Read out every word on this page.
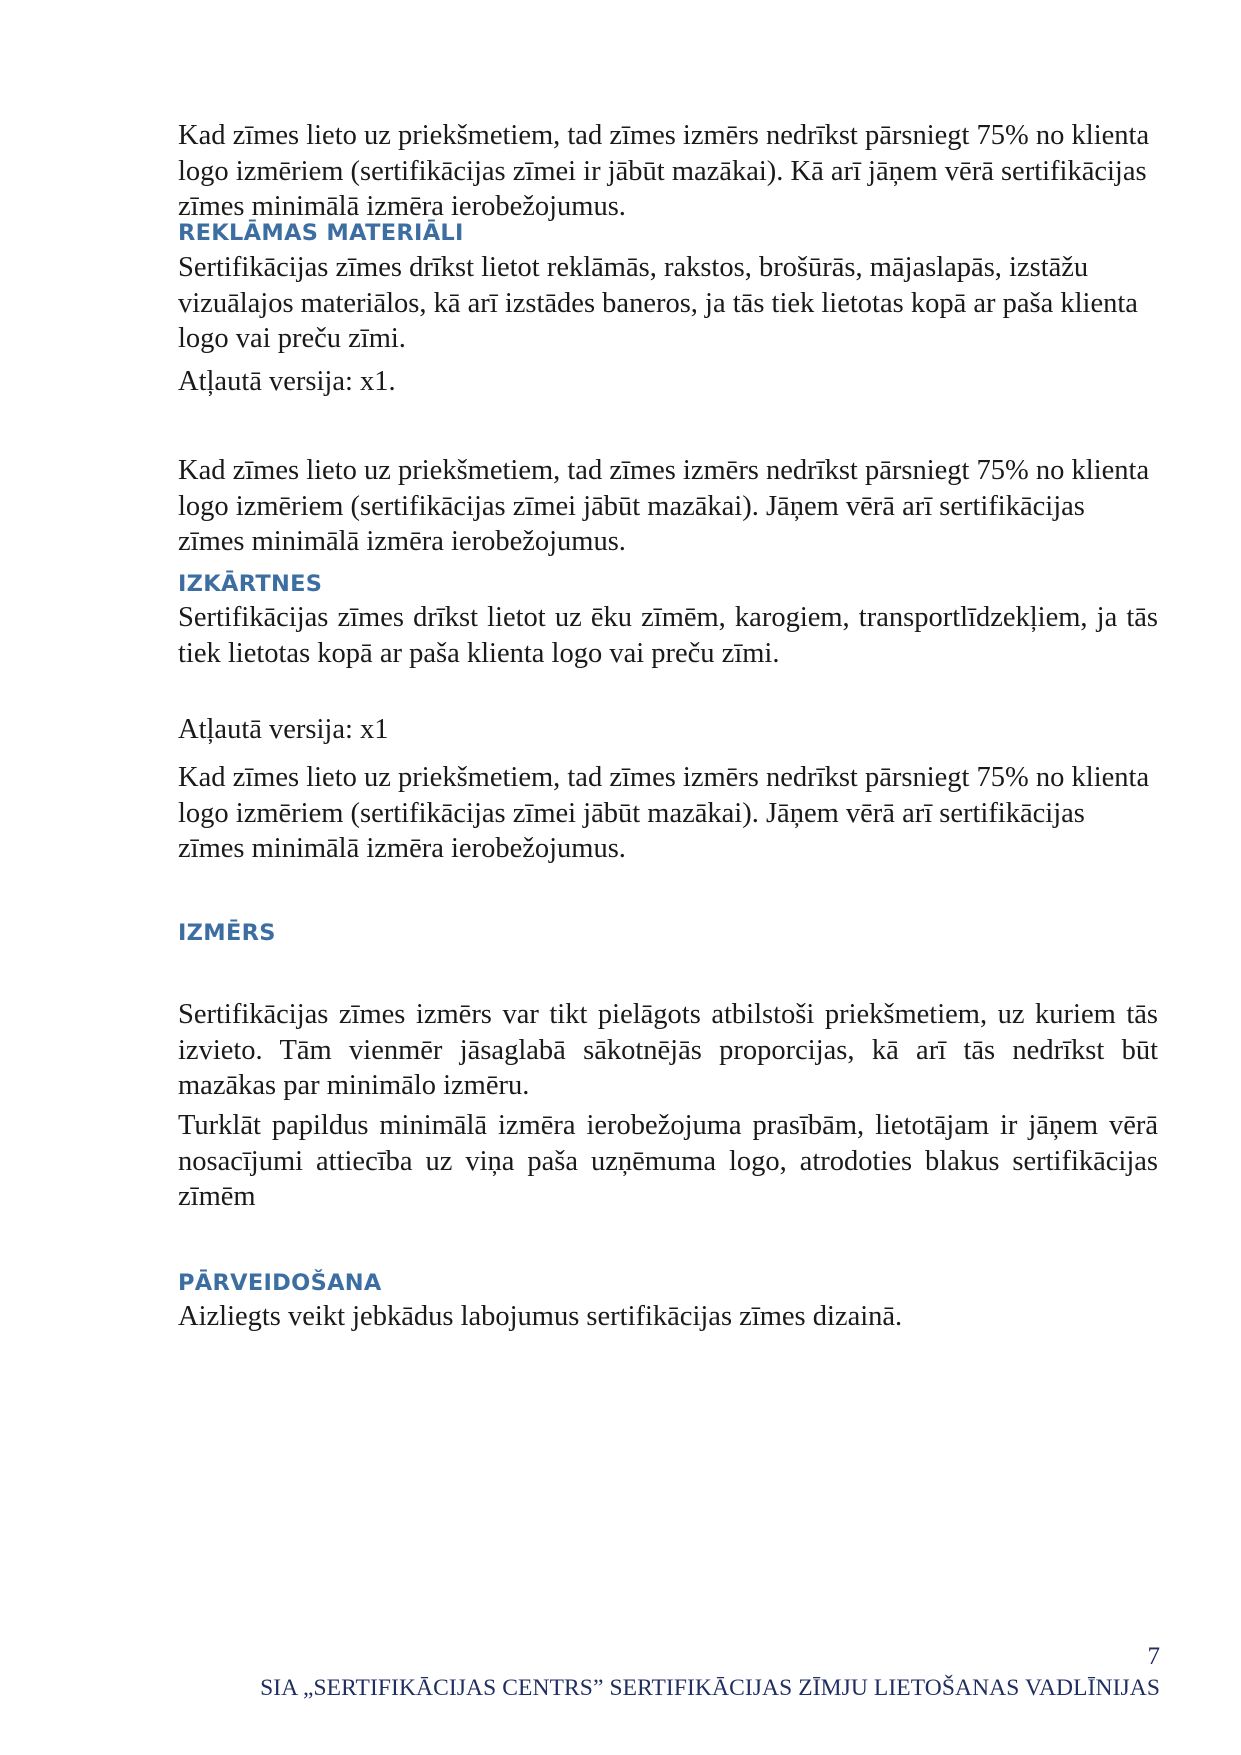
Kad zīmes lieto uz priekšmetiem, tad zīmes izmērs nedrīkst pārsniegt 75% no klienta logo izmēriem (sertifikācijas zīmei ir jābūt mazākai). Kā arī jāņem vērā sertifikācijas zīmes minimālā izmēra ierobežojumus.

REKLĀMAS MATERIĀLI

Sertifikācijas zīmes drīkst lietot reklāmās, rakstos, brošūrās, mājaslapās, izstāžu vizuālajos materiālos, kā arī izstādes baneros, ja tās tiek lietotas kopā ar paša klienta logo vai preču zīmi.

Atļautā versija: x1.

Kad zīmes lieto uz priekšmetiem, tad zīmes izmērs nedrīkst pārsniegt 75% no klienta logo izmēriem (sertifikācijas zīmei jābūt mazākai). Jāņem vērā arī sertifikācijas zīmes minimālā izmēra ierobežojumus.

IZKĀRTNES

Sertifikācijas zīmes drīkst lietot uz ēku zīmēm, karogiem, transportlīdzekļiem, ja tās tiek lietotas kopā ar paša klienta logo vai preču zīmi.

Atļautā versija: x1

Kad zīmes lieto uz priekšmetiem, tad zīmes izmērs nedrīkst pārsniegt 75% no klienta logo izmēriem (sertifikācijas zīmei jābūt mazākai). Jāņem vērā arī sertifikācijas zīmes minimālā izmēra ierobežojumus.

IZMĒRS

Sertifikācijas zīmes izmērs var tikt pielāgots atbilstoši priekšmetiem, uz kuriem tās izvieto. Tām vienmēr jāsaglabā sākotnējās proporcijas, kā arī tās nedrīkst būt mazākas par minimālo izmēru.

Turklāt papildus minimālā izmēra ierobežojuma prasībām, lietotājam ir jāņem vērā nosacījumi attiecība uz viņa paša uzņēmuma logo, atrodoties blakus sertifikācijas zīmēm

PĀRVEIDOŠANA

Aizliegts veikt jebkādus labojumus sertifikācijas zīmes dizainā.

7
SIA „SERTIFIKĀCIJAS CENTRS” SERTIFIKĀCIJAS ZĪMJU LIETOŠANAS VADLĪNIJAS
